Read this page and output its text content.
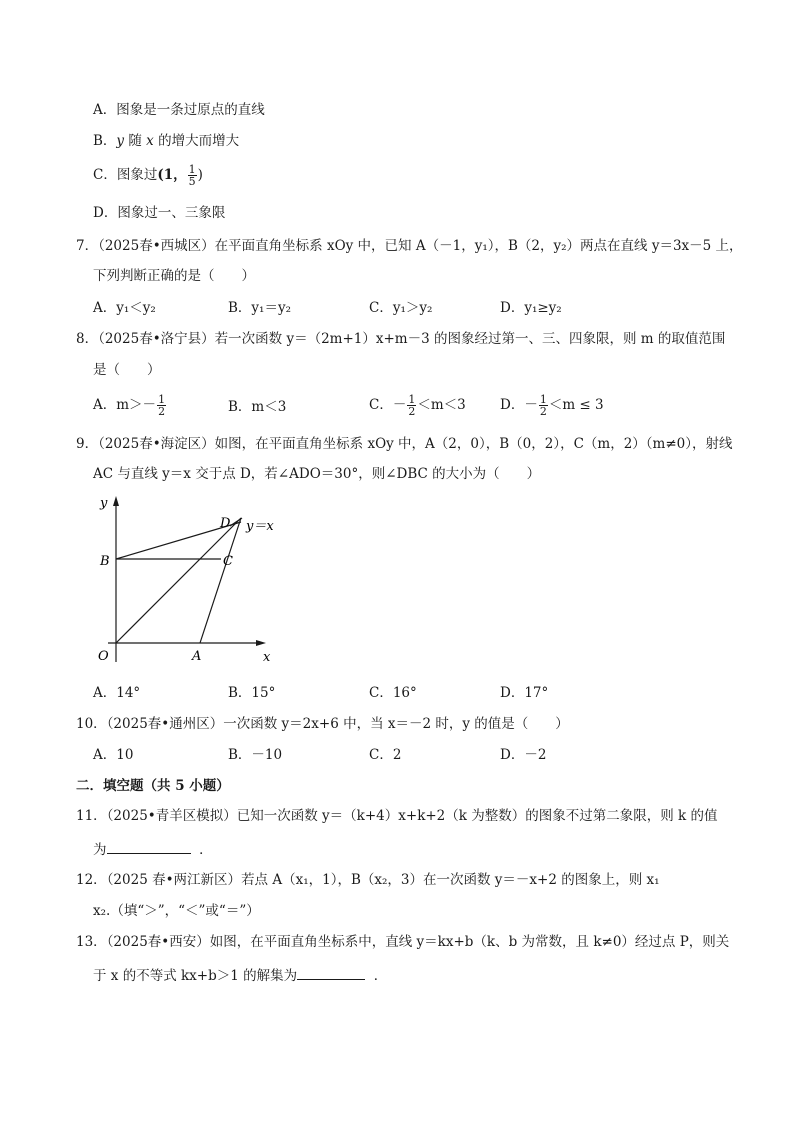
A．图象是一条过原点的直线
B．y 随 x 的增大而增大
C．图象过(1， $\frac{1}{5}$ )
D．图象过一、三象限
7．（2025春•西城区）在平面直角坐标系 xOy 中，已知 A（－1，y₁），B（2，y₂）两点在直线 y＝3x－5 上，
下列判断正确的是（　　）
A．y₁＜y₂	B．y₁＝y₂	C．y₁＞y₂	D．y₁≥y₂
8．（2025春•洛宁县）若一次函数 y＝（2m+1）x+m－3 的图象经过第一、三、四象限，则 m 的取值范围
是（　　）
A．$m>- \frac{1}{2}$	B．m＜3	C．－ $\frac{1}{2} <m<3$	D．－ $\frac{1}{2} <m \le 3$
9．（2025春•海淀区）如图，在平面直角坐标系 xOy 中，A（2，0），B（0，2），C（m，2）（m≠0），射线
AC 与直线 y＝x 交于点 D，若∠ADO＝30°，则∠DBC 的大小为（　　）
y
x
O	A
B	C
D y＝x
A．14°	B．15°	C．16°	D．17°
10．（2025春•通州区）一次函数 y＝2x+6 中，当 x＝－2 时，y 的值是（　　）
A．10	B．－10	C．2	D．－2
二．填空题（共 5 小题）
11．（2025•青羊区模拟）已知一次函数 y＝（k+4）x+k+2（k 为整数）的图象不过第二象限，则 k 的值
为	．
12．（2025 春•两江新区）若点 A（x₁，1），B（x₂，3）在一次函数 y＝－x+2 的图象上，则 x₁
x₂.（填“＞”，“＜”或“＝”）
13．（2025春•西安）如图，在平面直角坐标系中，直线 y＝kx+b（k、b 为常数，且 k≠0）经过点 P，则关
于 x 的不等式 kx+b＞1 的解集为	．
